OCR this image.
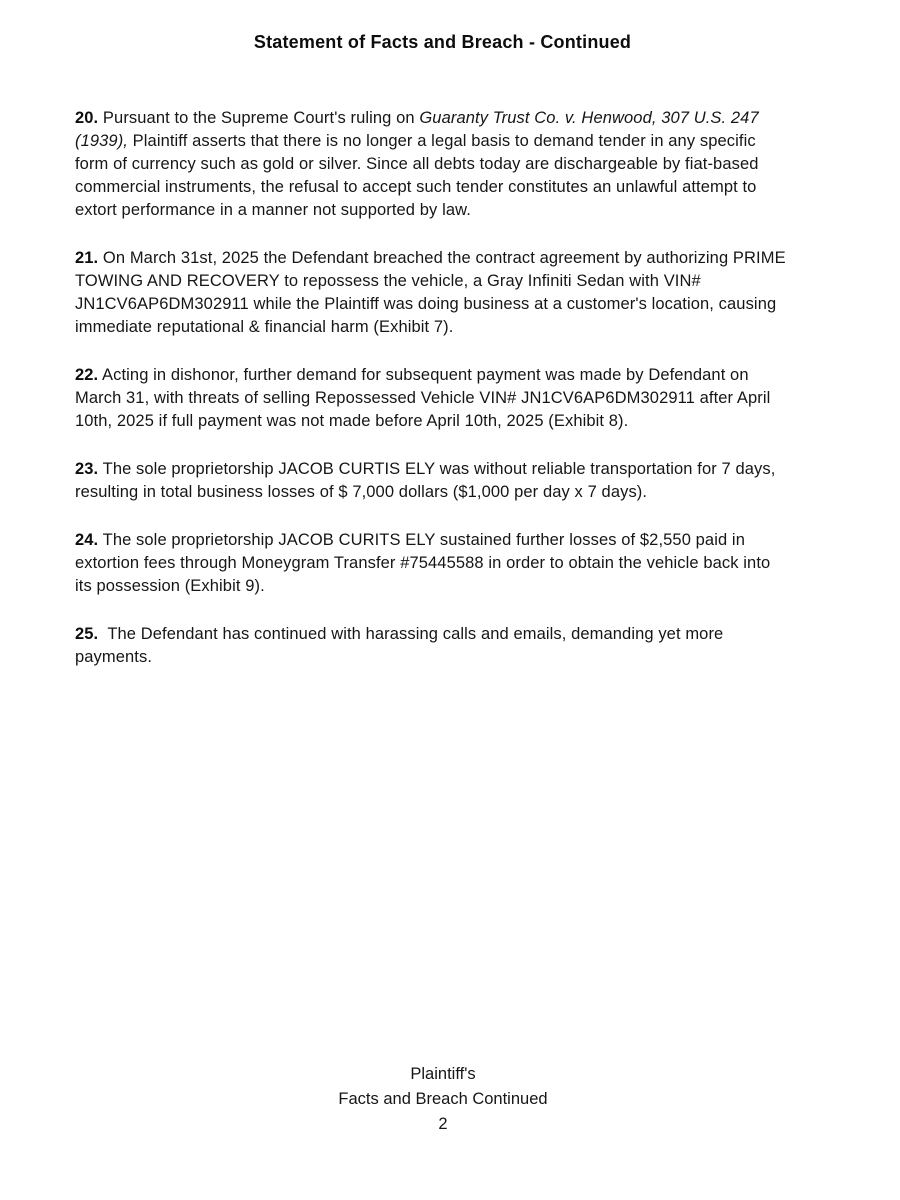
Statement of Facts and Breach - Continued

20. Pursuant to the Supreme Court's ruling on Guaranty Trust Co. v. Henwood, 307 U.S. 247
(1939), Plaintiff asserts that there is no longer a legal basis to demand tender in any specific
form of currency such as gold or silver. Since all debts today are dischargeable by fiat-based
commercial instruments, the refusal to accept such tender constitutes an unlawful attempt to
extort performance in a manner not supported by law.

21. On March 31st, 2025 the Defendant breached the contract agreement by authorizing PRIME
TOWING AND RECOVERY to repossess the vehicle, a Gray Infiniti Sedan with VIN#
JN1CV6AP6DM302911 while the Plaintiff was doing business at a customer's location, causing
immediate reputational & financial harm (Exhibit 7).

22. Acting in dishonor, further demand for subsequent payment was made by Defendant on
March 31, with threats of selling Repossessed Vehicle VIN# JN1CV6AP6DM302911 after April
10th, 2025 if full payment was not made before April 10th, 2025 (Exhibit 8).

23. The sole proprietorship JACOB CURTIS ELY was without reliable transportation for 7 days,
resulting in total business losses of $ 7,000 dollars ($1,000 per day x 7 days).

24. The sole proprietorship JACOB CURITS ELY sustained further losses of $2,550 paid in
extortion fees through Moneygram Transfer #75445588 in order to obtain the vehicle back into
its possession (Exhibit 9).

25.  The Defendant has continued with harassing calls and emails, demanding yet more
payments.

Plaintiff's
Facts and Breach Continued
2
